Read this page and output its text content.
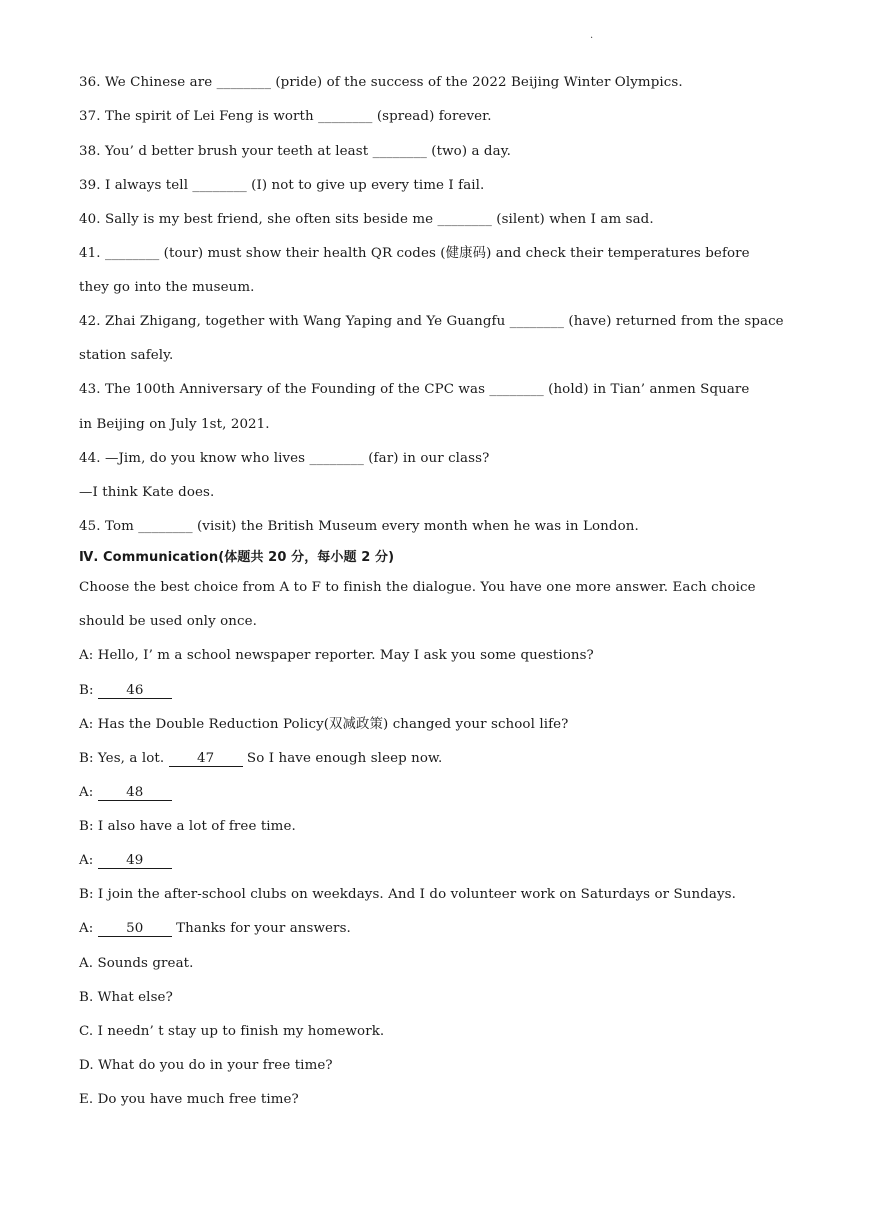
.
36. We Chinese are ________ (pride) of the success of the 2022 Beijing Winter Olympics.
37. The spirit of Lei Feng is worth ________ (spread) forever.
38. You’ d better brush your teeth at least ________ (two) a day.
39. I always tell ________ (I) not to give up every time I fail.
40. Sally is my best friend, she often sits beside me ________ (silent) when I am sad.
41. ________ (tour) must show their health QR codes (健康码) and check their temperatures before
they go into the museum.
42. Zhai Zhigang, together with Wang Yaping and Ye Guangfu ________ (have) returned from the space
station safely.
43. The 100th Anniversary of the Founding of the CPC was ________ (hold) in Tian’ anmen Square
in Beijing on July 1st, 2021.
44. —Jim, do you know who lives ________ (far) in our class?
—I think Kate does.
45. Tom ________ (visit) the British Museum every month when he was in London.
Ⅳ. Communication(体题共 20 分，每小题 2 分)
Choose the best choice from A to F to finish the dialogue. You have one more answer. Each choice
should be used only once.
A: Hello, I’ m a school newspaper reporter. May I ask you some questions?
B: 46
A: Has the Double Reduction Policy(双减政策) changed your school life?
B: Yes, a lot. 47 So I have enough sleep now.
A: 48
B: I also have a lot of free time.
A: 49
B: I join the after-school clubs on weekdays. And I do volunteer work on Saturdays or Sundays.
A: 50 Thanks for your answers.
A. Sounds great.
B. What else?
C. I needn’ t stay up to finish my homework.
D. What do you do in your free time?
E. Do you have much free time?
